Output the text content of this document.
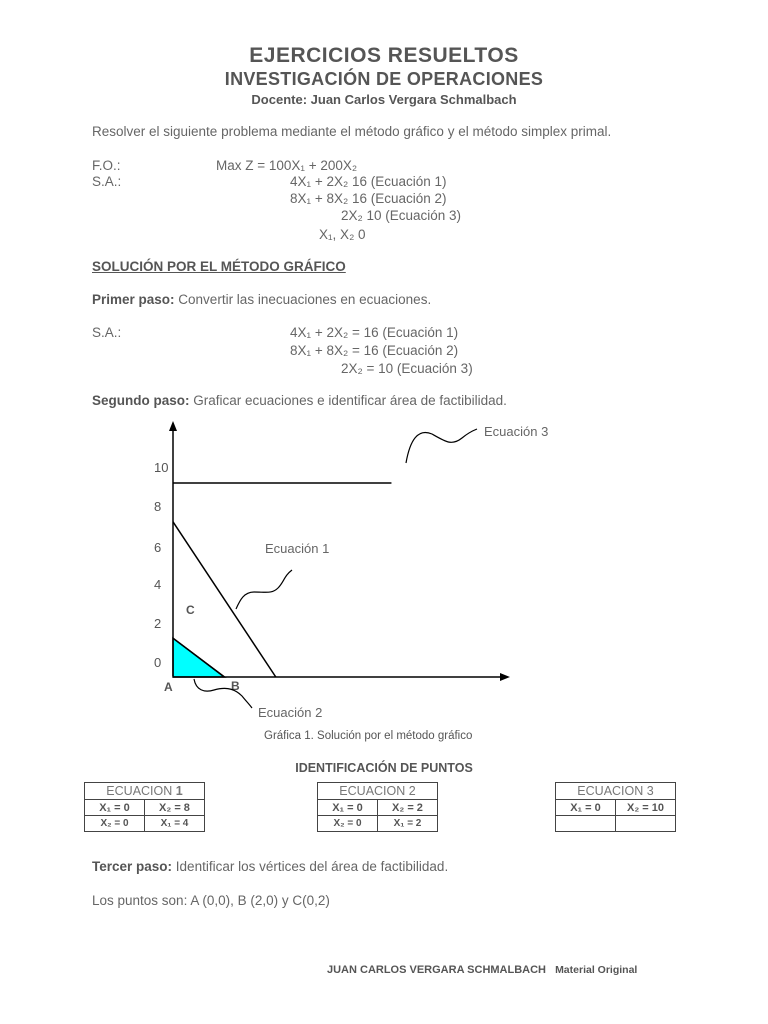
EJERCICIOS RESUELTOS
INVESTIGACIÓN DE OPERACIONES
Docente: Juan Carlos Vergara Schmalbach
Resolver el siguiente problema mediante el método gráfico y el método simplex primal.
F.O.:	Max Z = 100X₁ + 200X₂
S.A.:	4X₁ + 2X₂ 16 (Ecuación 1)
8X₁ + 8X₂ 16 (Ecuación 2)
2X₂ 10 (Ecuación 3)
X₁, X₂ 0
SOLUCIÓN POR EL MÉTODO GRÁFICO
Primer paso: Convertir las inecuaciones en ecuaciones.
S.A.:	4X₁ + 2X₂ = 16 (Ecuación 1)
8X₁ + 8X₂ = 16 (Ecuación 2)
2X₂ = 10 (Ecuación 3)
Segundo paso: Graficar ecuaciones e identificar área de factibilidad.
0
2
4
6
8
10
A	B
C
Ecuación 3
Ecuación 1
Ecuación 2
Gráfica 1. Solución por el método gráfico
IDENTIFICACIÓN DE PUNTOS
ECUACION 1	
X₁ = 0	X₂ = 8
X₂ = 0	X₁ = 4
ECUACION 2	
X₁ = 0	X₂ = 2
X₂ = 0	X₁ = 2
ECUACION 3	
X₁ = 0	X₂ = 10

Tercer paso: Identificar los vértices del área de factibilidad.
Los puntos son: A (0,0), B (2,0) y C(0,2)
JUAN CARLOS VERGARA SCHMALBACH Material Original
